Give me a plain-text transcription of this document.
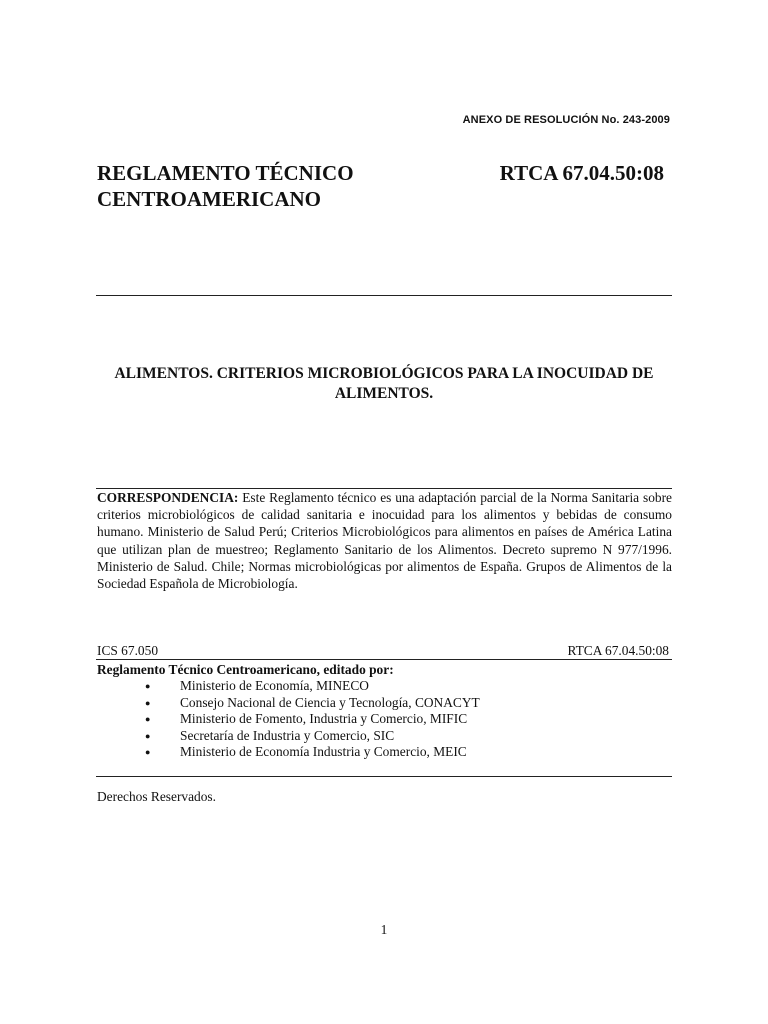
ANEXO DE RESOLUCIÓN No. 243-2009
REGLAMENTO TÉCNICO
CENTROAMERICANO
RTCA 67.04.50:08
ALIMENTOS. CRITERIOS MICROBIOLÓGICOS PARA LA INOCUIDAD DE
ALIMENTOS.
CORRESPONDENCIA: Este Reglamento técnico es una adaptación parcial de la Norma Sanitaria sobre criterios microbiológicos de calidad sanitaria e inocuidad para los alimentos y bebidas de consumo humano. Ministerio de Salud Perú; Criterios Microbiológicos para alimentos en países de América Latina que utilizan plan de muestreo; Reglamento Sanitario de los Alimentos. Decreto supremo N 977/1996. Ministerio de Salud. Chile; Normas microbiológicas por alimentos de España. Grupos de Alimentos de la Sociedad Española de Microbiología.
ICS 67.050	RTCA 67.04.50:08
Reglamento Técnico Centroamericano, editado por:
● Ministerio de Economía, MINECO
● Consejo Nacional de Ciencia y Tecnología, CONACYT
● Ministerio de Fomento, Industria y Comercio, MIFIC
● Secretaría de Industria y Comercio, SIC
● Ministerio de Economía Industria y Comercio, MEIC
Derechos Reservados.
1
